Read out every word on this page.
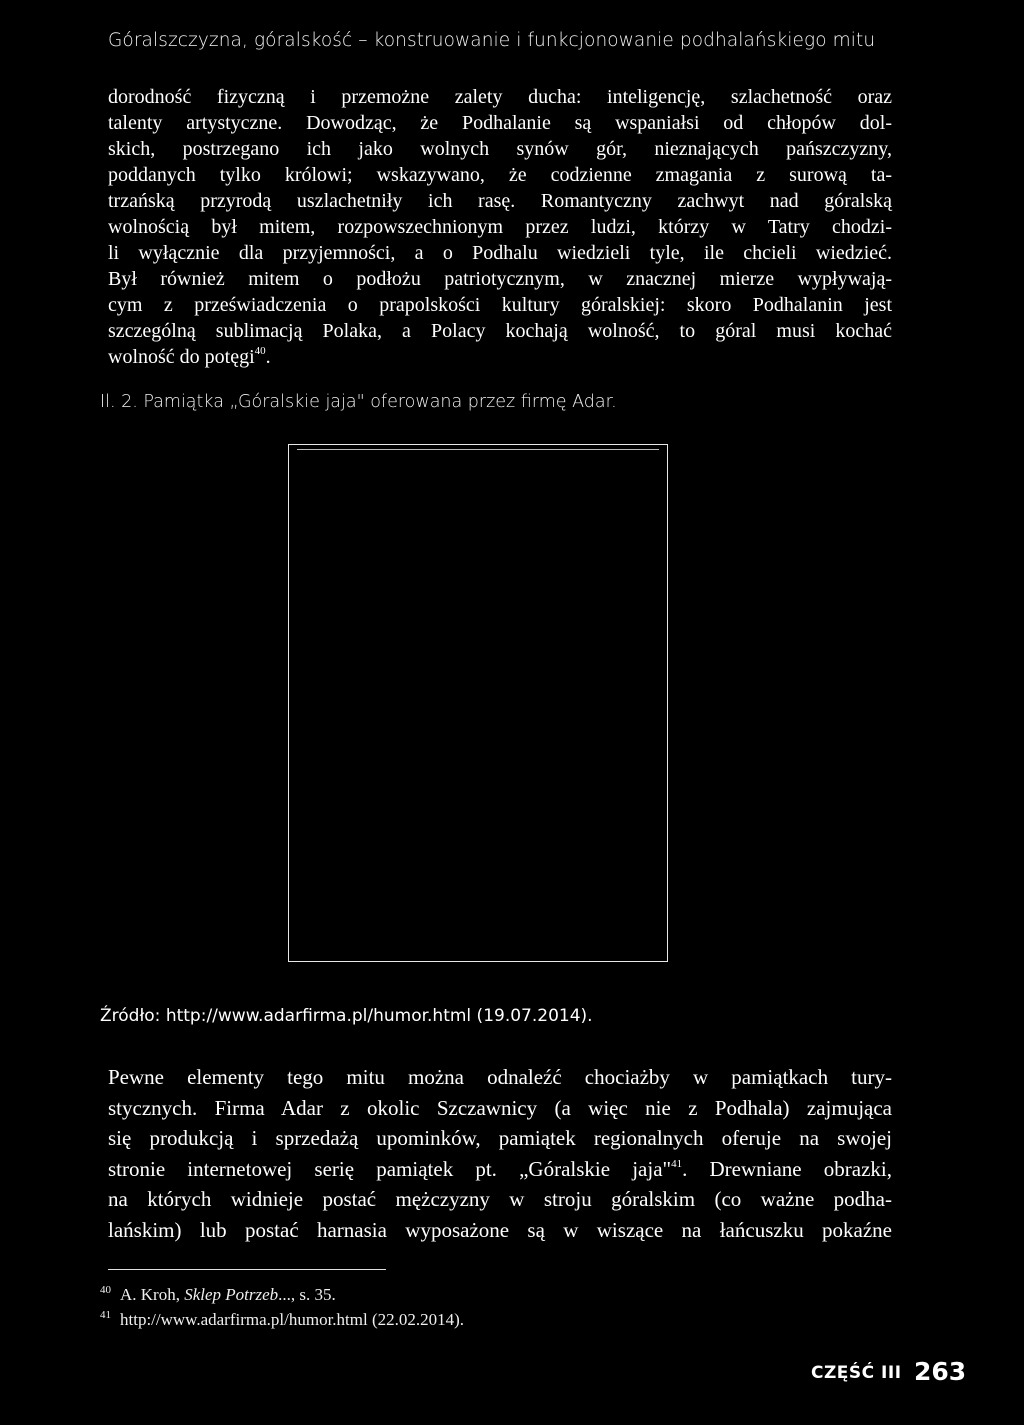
Góralszczyzna, góralskość – konstruowanie i funkcjonowanie podhalańskiego mitu
dorodność fizyczną i przemożne zalety ducha: inteligencję, szlachetność oraz
talenty artystyczne. Dowodząc, że Podhalanie są wspaniałsi od chłopów dol-
skich, postrzegano ich jako wolnych synów gór, nieznających pańszczyzny,
poddanych tylko królowi; wskazywano, że codzienne zmagania z surową ta-
trzańską przyrodą uszlachetniły ich rasę. Romantyczny zachwyt nad góralską
wolnością był mitem, rozpowszechnionym przez ludzi, którzy w Tatry chodzi-
li wyłącznie dla przyjemności, a o Podhalu wiedzieli tyle, ile chcieli wiedzieć.
Był również mitem o podłożu patriotycznym, w znacznej mierze wypływają-
cym z przeświadczenia o prapolskości kultury góralskiej: skoro Podhalanin jest
szczególną sublimacją Polaka, a Polacy kochają wolność, to góral musi kochać
wolność do potęgi$^{40}$.
Il. 2. Pamiątka „Góralskie jaja" oferowana przez firmę Adar.
Źródło: http://www.adarfirma.pl/humor.html (19.07.2014).
Pewne elementy tego mitu można odnaleźć chociażby w pamiątkach tury-
stycznych. Firma Adar z okolic Szczawnicy (a więc nie z Podhala) zajmująca
się produkcją i sprzedażą upominków, pamiątek regionalnych oferuje na swojej
stronie internetowej serię pamiątek pt. „Góralskie jaja"$^{41}$. Drewniane obrazki,
na których widnieje postać mężczyzny w stroju góralskim (co ważne podha-
lańskim) lub postać harnasia wyposażone są w wiszące na łańcuszku pokaźne
40 A. Kroh, Sklep Potrzeb..., s. 35.
41 http://www.adarfirma.pl/humor.html (22.02.2014).
CZĘŚĆ III 263
